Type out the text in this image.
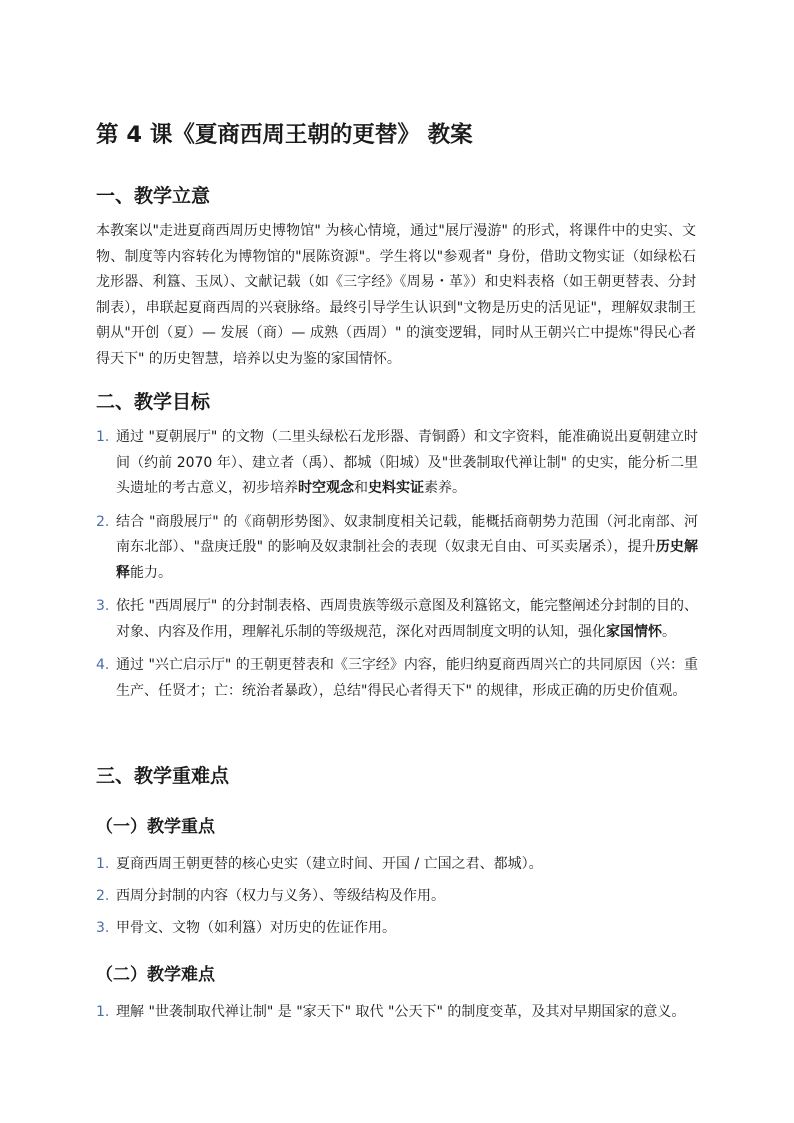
第 4 课《夏商西周王朝的更替》 教案
一、教学立意

本教案以"走进夏商西周历史博物馆" 为核心情境，通过"展厅漫游" 的形式，将课件中的史实、文物、制度等内容转化为博物馆的"展陈资源"。学生将以"参观者" 身份，借助文物实证（如绿松石龙形器、利簋、玉凤）、文献记载（如《三字经》《周易・革》）和史料表格（如王朝更替表、分封制表），串联起夏商西周的兴衰脉络。最终引导学生认识到"文物是历史的活见证"，理解奴隶制王朝从"开创（夏）— 发展（商）— 成熟（西周）" 的演变逻辑，同时从王朝兴亡中提炼"得民心者得天下" 的历史智慧，培养以史为鉴的家国情怀。

二、教学目标
1. 通过 "夏朝展厅" 的文物（二里头绿松石龙形器、青铜爵）和文字资料，能准确说出夏朝建立时间（约前 2070 年）、建立者（禹）、都城（阳城）及"世袭制取代禅让制" 的史实，能分析二里头遗址的考古意义，初步培养时空观念和史料实证素养。
2. 结合 "商殷展厅" 的《商朝形势图》、奴隶制度相关记载，能概括商朝势力范围（河北南部、河南东北部）、"盘庚迁殷" 的影响及奴隶制社会的表现（奴隶无自由、可买卖屠杀），提升历史解释能力。
3. 依托 "西周展厅" 的分封制表格、西周贵族等级示意图及利簋铭文，能完整阐述分封制的目的、对象、内容及作用，理解礼乐制的等级规范，深化对西周制度文明的认知，强化家国情怀。
4. 通过 "兴亡启示厅" 的王朝更替表和《三字经》内容，能归纳夏商西周兴亡的共同原因（兴：重生产、任贤才；亡：统治者暴政），总结"得民心者得天下" 的规律，形成正确的历史价值观。
三、教学重难点
（一）教学重点
1. 夏商西周王朝更替的核心史实（建立时间、开国 / 亡国之君、都城）。
2. 西周分封制的内容（权力与义务）、等级结构及作用。
3. 甲骨文、文物（如利簋）对历史的佐证作用。
（二）教学难点
1. 理解 "世袭制取代禅让制" 是 "家天下" 取代 "公天下" 的制度变革，及其对早期国家的意义。
